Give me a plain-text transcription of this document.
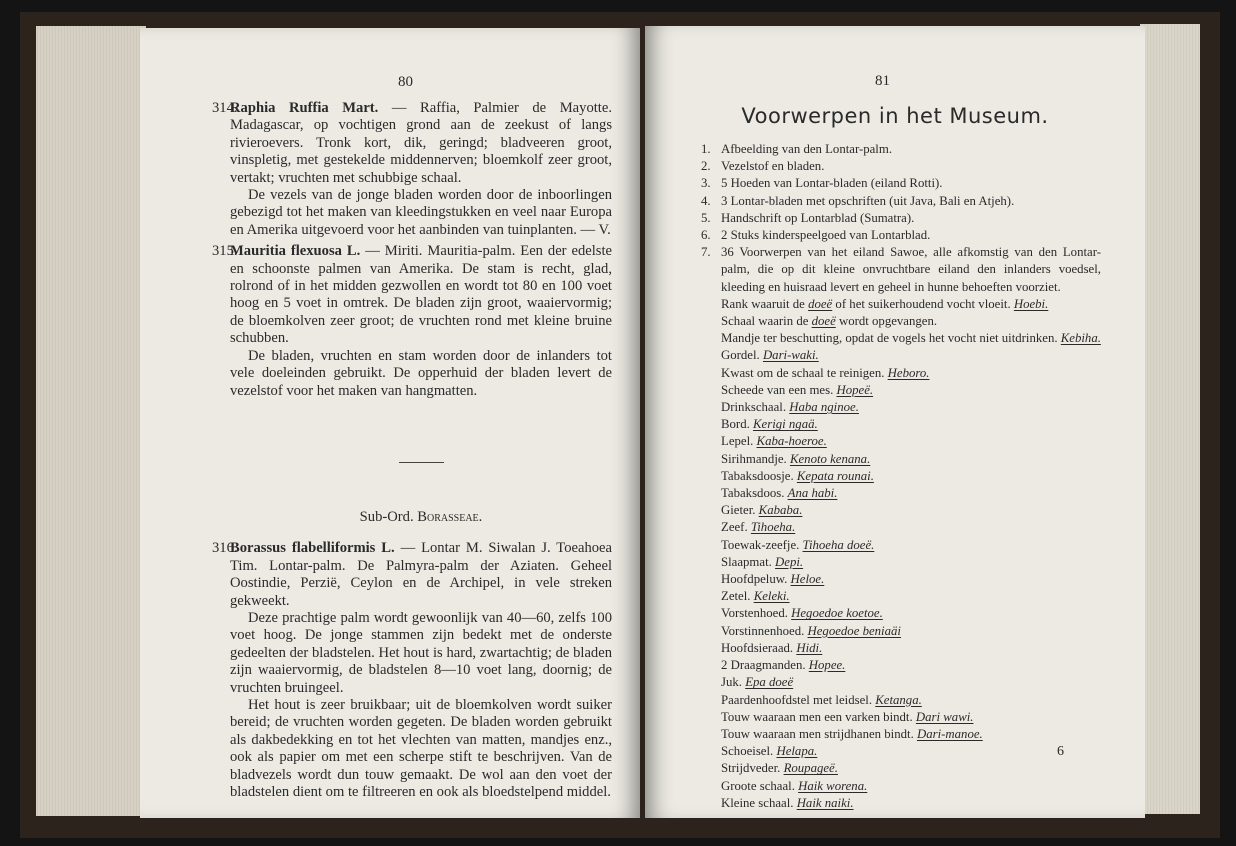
80

314.
Raphia Ruffia Mart. — Raffia, Palmier de Mayotte. Madagascar, op vochtigen grond aan de zeekust of langs rivieroevers. Tronk kort, dik, geringd; bladveeren groot, vinspletig, met gestekelde middennerven; bloemkolf zeer groot, vertakt; vruchten met schubbige schaal.

De vezels van de jonge bladen worden door de inboorlingen gebezigd tot het maken van kleedingstukken en veel naar Europa en Amerika uitgevoerd voor het aanbinden van tuinplanten. — V.

315.
Mauritia flexuosa L. — Miriti. Mauritia-palm. Een der edelste en schoonste palmen van Amerika. De stam is recht, glad, rolrond of in het midden gezwollen en wordt tot 80 en 100 voet hoog en 5 voet in omtrek. De bladen zijn groot, waaiervormig; de bloemkolven zeer groot; de vruchten rond met kleine bruine schubben.

De bladen, vruchten en stam worden door de inlanders tot vele doeleinden gebruikt. De opperhuid der bladen levert de vezelstof voor het maken van hangmatten.

Sub-Ord. Borasseae.

316.
Borassus flabelliformis L. — Lontar M. Siwalan J. Toeahoea Tim. Lontar-palm. De Palmyra-palm der Aziaten. Geheel Oostindie, Perzië, Ceylon en de Archipel, in vele streken gekweekt.

Deze prachtige palm wordt gewoonlijk van 40—60, zelfs 100 voet hoog. De jonge stammen zijn bedekt met de onderste gedeelten der bladstelen. Het hout is hard, zwartachtig; de bladen zijn waaiervormig, de bladstelen 8—10 voet lang, doornig; de vruchten bruingeel.

Het hout is zeer bruikbaar; uit de bloemkolven wordt suiker bereid; de vruchten worden gegeten. De bladen worden gebruikt als dakbedekking en tot het vlechten van matten, mandjes enz., ook als papier om met een scherpe stift te beschrijven. Van de bladvezels wordt dun touw gemaakt. De wol aan den voet der bladstelen dient om te filtreeren en ook als bloedstelpend middel.

81
Voorwerpen in het Museum.
1. Afbeelding van den Lontar-palm.
2. Vezelstof en bladen.
3. 5 Hoeden van Lontar-bladen (eiland Rotti).
4. 3 Lontar-bladen met opschriften (uit Java, Bali en Atjeh).
5. Handschrift op Lontarblad (Sumatra).
6. 2 Stuks kinderspeelgoed van Lontarblad.
7. 36 Voorwerpen van het eiland Sawoe, alle afkomstig van den Lontar-palm, die op dit kleine onvruchtbare eiland den inlanders voedsel, kleeding en huisraad levert en geheel in hunne behoeften voorziet.
Rank waaruit de doeë of het suikerhoudend vocht vloeit. Hoebi.
Schaal waarin de doeë wordt opgevangen.
Mandje ter beschutting, opdat de vogels het vocht niet uitdrinken. Kebiha.
Gordel. Dari-waki.
Kwast om de schaal te reinigen. Heboro.
Scheede van een mes. Hopeë.
Drinkschaal. Haba nginoe.
Bord. Kerigi ngaä.
Lepel. Kaba-hoeroe.
Sirihmandje. Kenoto kenana.
Tabaksdoosje. Kepata rounai.
Tabaksdoos. Ana habi.
Gieter. Kababa.
Zeef. Tihoeha.
Toewak-zeefje. Tihoeha doeë.
Slaapmat. Depi.
Hoofdpeluw. Heloe.
Zetel. Keleki.
Vorstenhoed. Hegoedoe koetoe.
Vorstinnenhoed. Hegoedoe beniaäi
Hoofdsieraad. Hidi.
2 Draagmanden. Hopee.
Juk. Epa doeë
Paardenhoofdstel met leidsel. Ketanga.
Touw waaraan men een varken bindt. Dari wawi.
Touw waaraan men strijdhanen bindt. Dari-manoe.
Schoeisel. Helapa.
Strijdveder. Roupageë.
Groote schaal. Haik worena.
Kleine schaal. Haik naiki.
6
